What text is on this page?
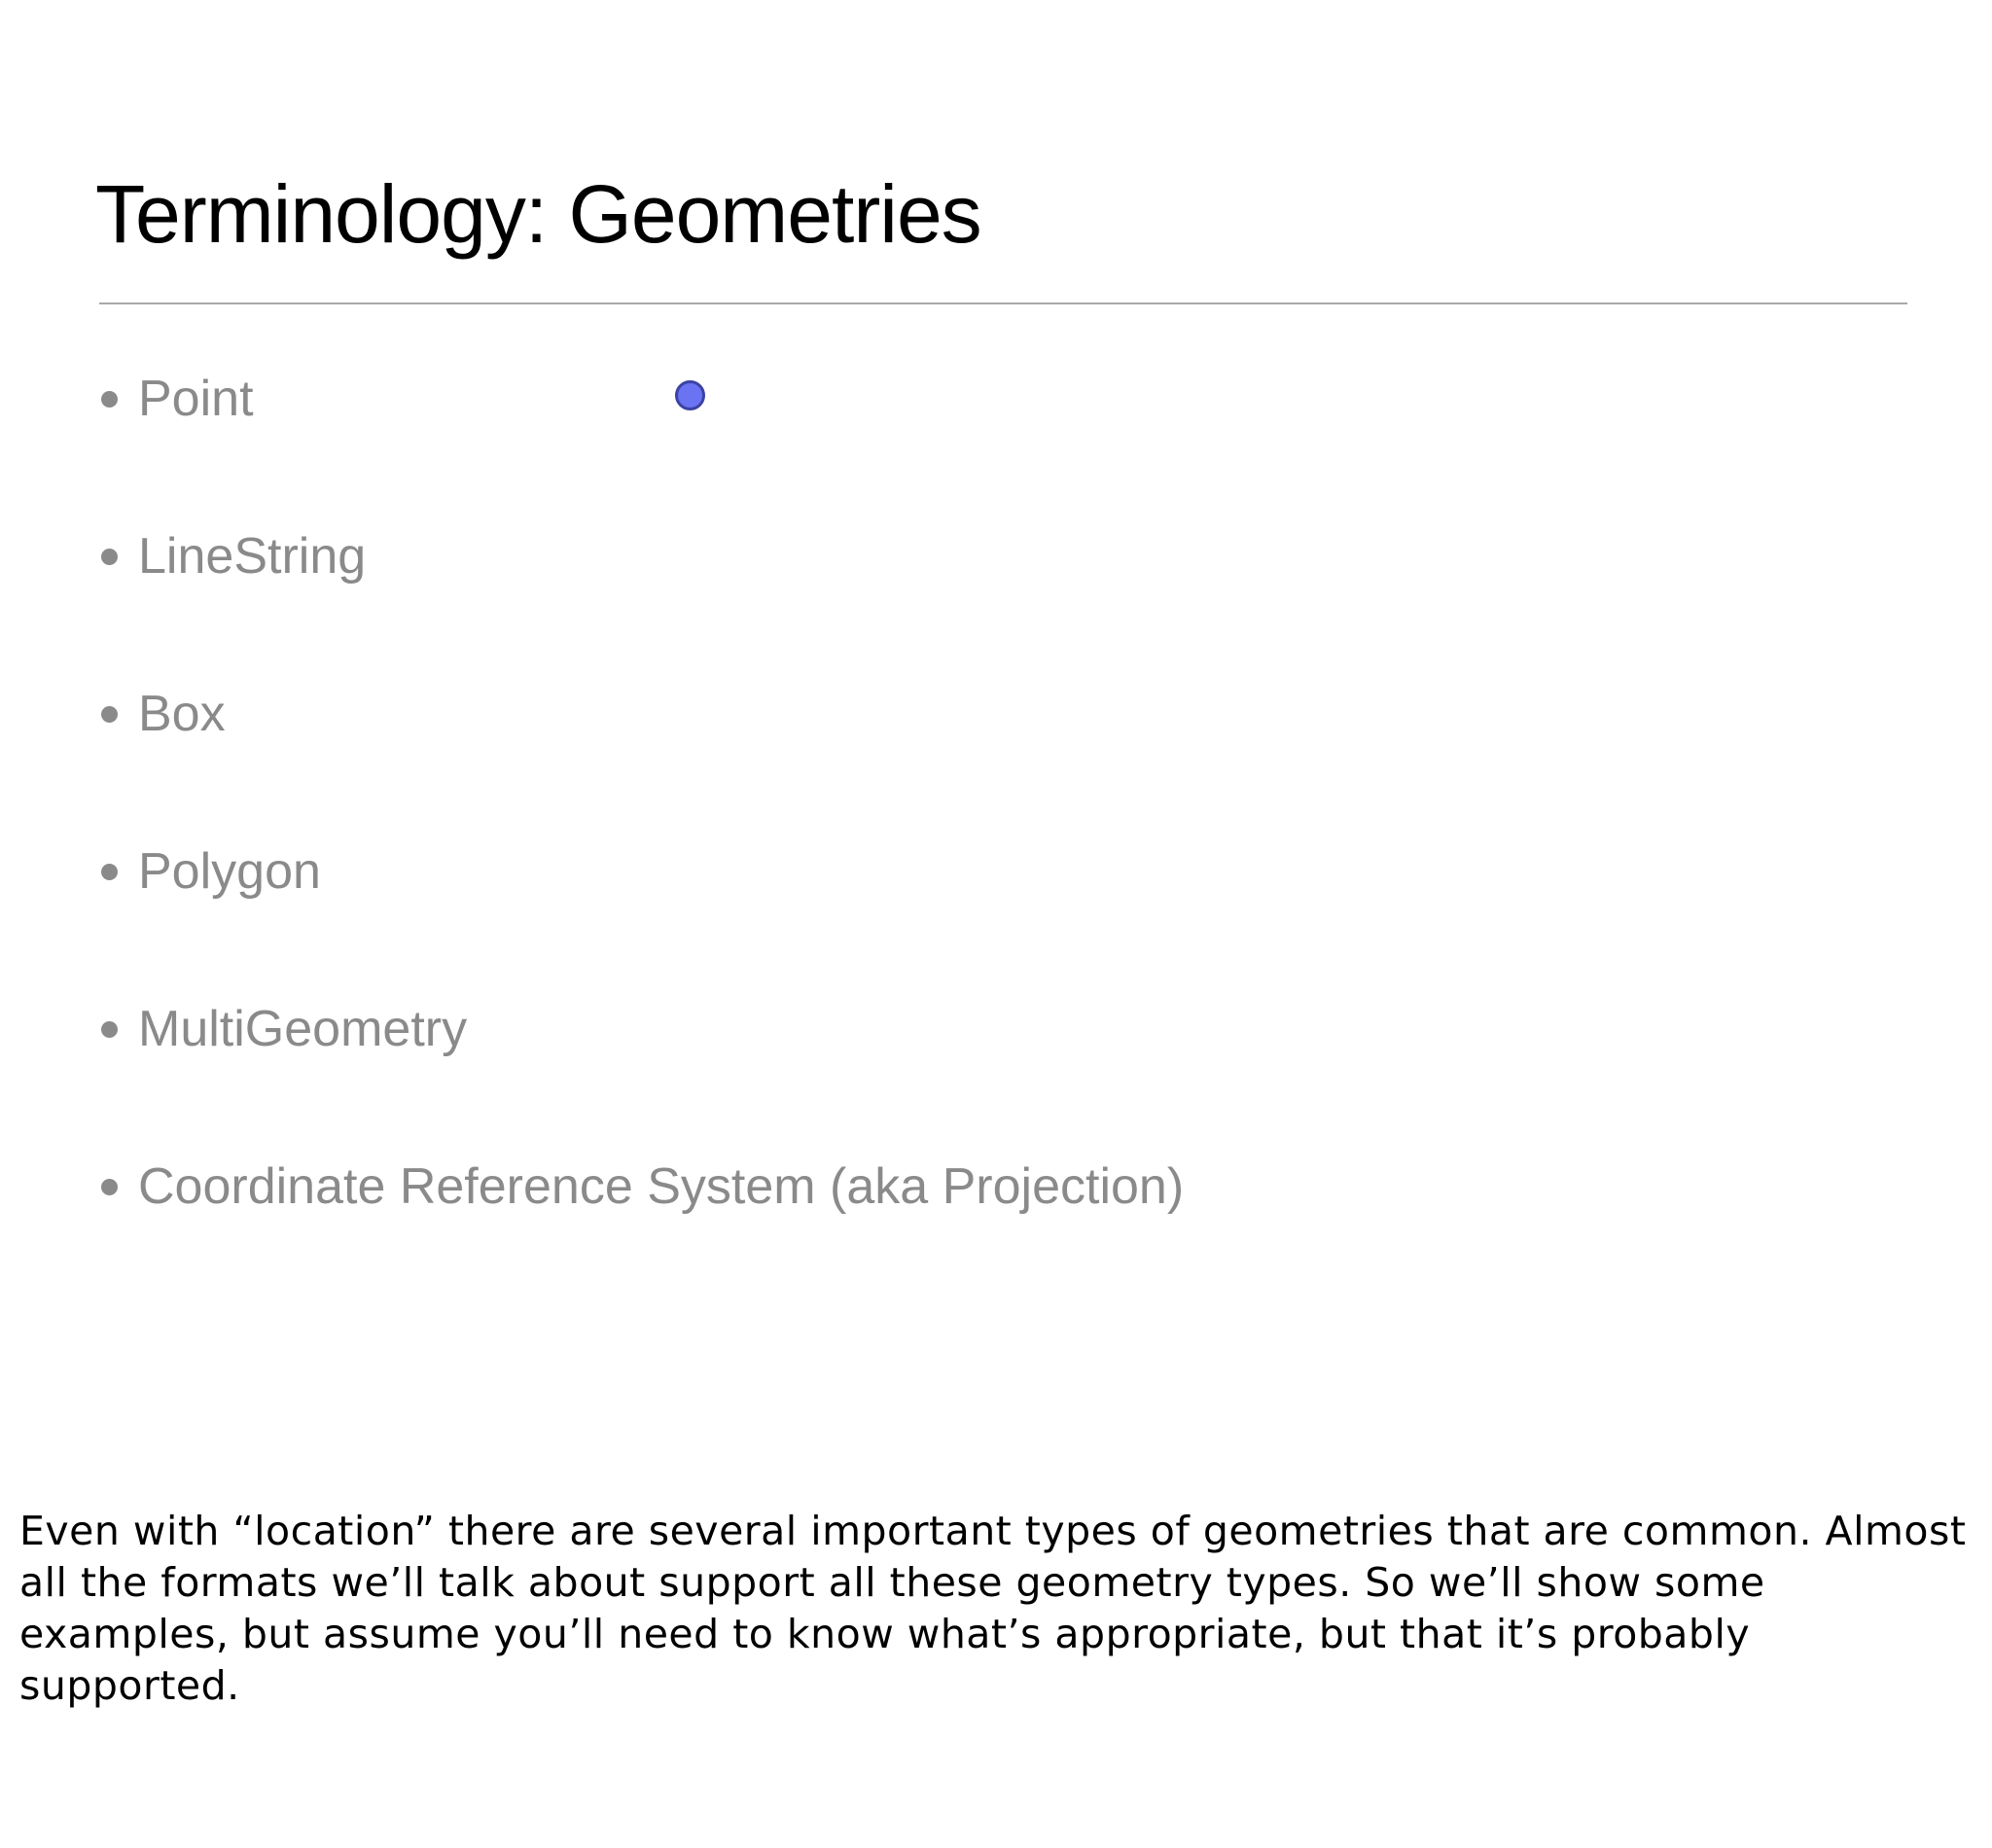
Terminology: Geometries
Point
LineString
Box
Polygon
MultiGeometry
Coordinate Reference System (aka Projection)

Even with “location” there are several important types of geometries that are common. Almost all the formats we’ll talk about support all these geometry types. So we’ll show some examples, but assume you’ll need to know what’s appropriate, but that it’s probably supported.
